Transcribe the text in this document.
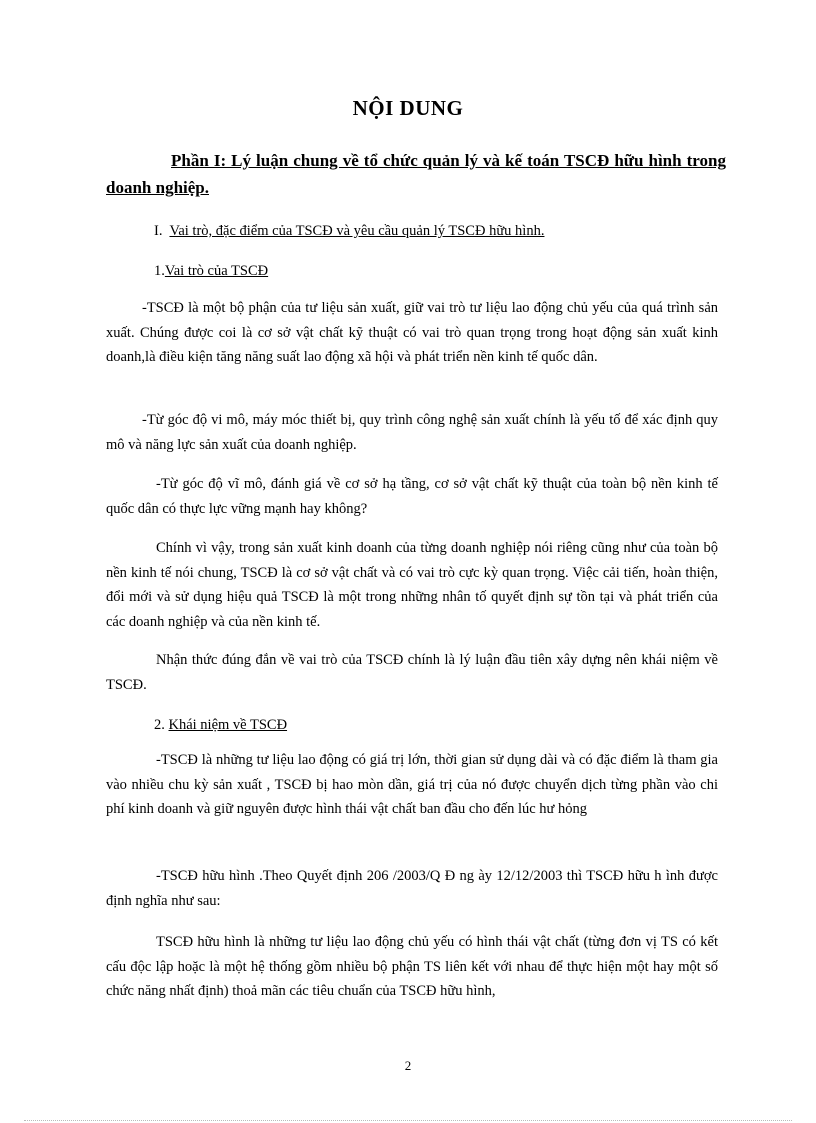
NỘI DUNG
Phần I: Lý luận chung về tổ chức quản lý và kế toán TSCĐ hữu hình trong doanh nghiệp.
I. Vai trò, đặc điểm của TSCĐ và yêu cầu quản lý TSCĐ hữu hình.
1.Vai trò của TSCĐ

-TSCĐ là một bộ phận của tư liệu sản xuất, giữ vai trò tư liệu lao động chủ yếu của quá trình sản xuất. Chúng được coi là cơ sở vật chất kỹ thuật có vai trò quan trọng trong hoạt động sản xuất kinh doanh,là điều kiện tăng năng suất lao động xã hội và phát triển nền kinh tế quốc dân.

-Từ góc độ vi mô, máy móc thiết bị, quy trình công nghệ sản xuất chính là yếu tố để xác định quy mô và năng lực sản xuất của doanh nghiệp.

-Từ góc độ vĩ mô, đánh giá về cơ sở hạ tầng, cơ sở vật chất kỹ thuật của toàn bộ nền kinh tế quốc dân có thực lực vững mạnh hay không?

Chính vì vậy, trong sản xuất kinh doanh của từng doanh nghiệp nói riêng cũng như của toàn bộ nền kinh tế nói chung, TSCĐ là cơ sở vật chất và có vai trò cực kỳ quan trọng. Việc cải tiến, hoàn thiện, đổi mới và sử dụng hiệu quả TSCĐ là một trong những nhân tố quyết định sự tồn tại và phát triển của các doanh nghiệp và của nền kinh tế.

Nhận thức đúng đắn về vai trò của TSCĐ chính là lý luận đầu tiên xây dựng nên khái niệm về TSCĐ.

2. Khái niệm về TSCĐ

-TSCĐ là những tư liệu lao động có giá trị lớn, thời gian sử dụng dài và có đặc điểm là tham gia vào nhiều chu kỳ sản xuất , TSCĐ bị hao mòn dần, giá trị của nó được chuyển dịch từng phần vào chi phí kinh doanh và giữ nguyên được hình thái vật chất ban đầu cho đến lúc hư hỏng

-TSCĐ hữu hình .Theo Quyết định 206 /2003/Q Đ ng ày 12/12/2003 thì TSCĐ hữu h ình được định nghĩa như sau:

TSCĐ hữu hình là những tư liệu lao động chủ yếu có hình thái vật chất (từng đơn vị TS có kết cấu độc lập hoặc là một hệ thống gồm nhiều bộ phận TS liên kết với nhau để thực hiện một hay một số chức năng nhất định) thoả mãn các tiêu chuẩn của TSCĐ hữu hình,

2
